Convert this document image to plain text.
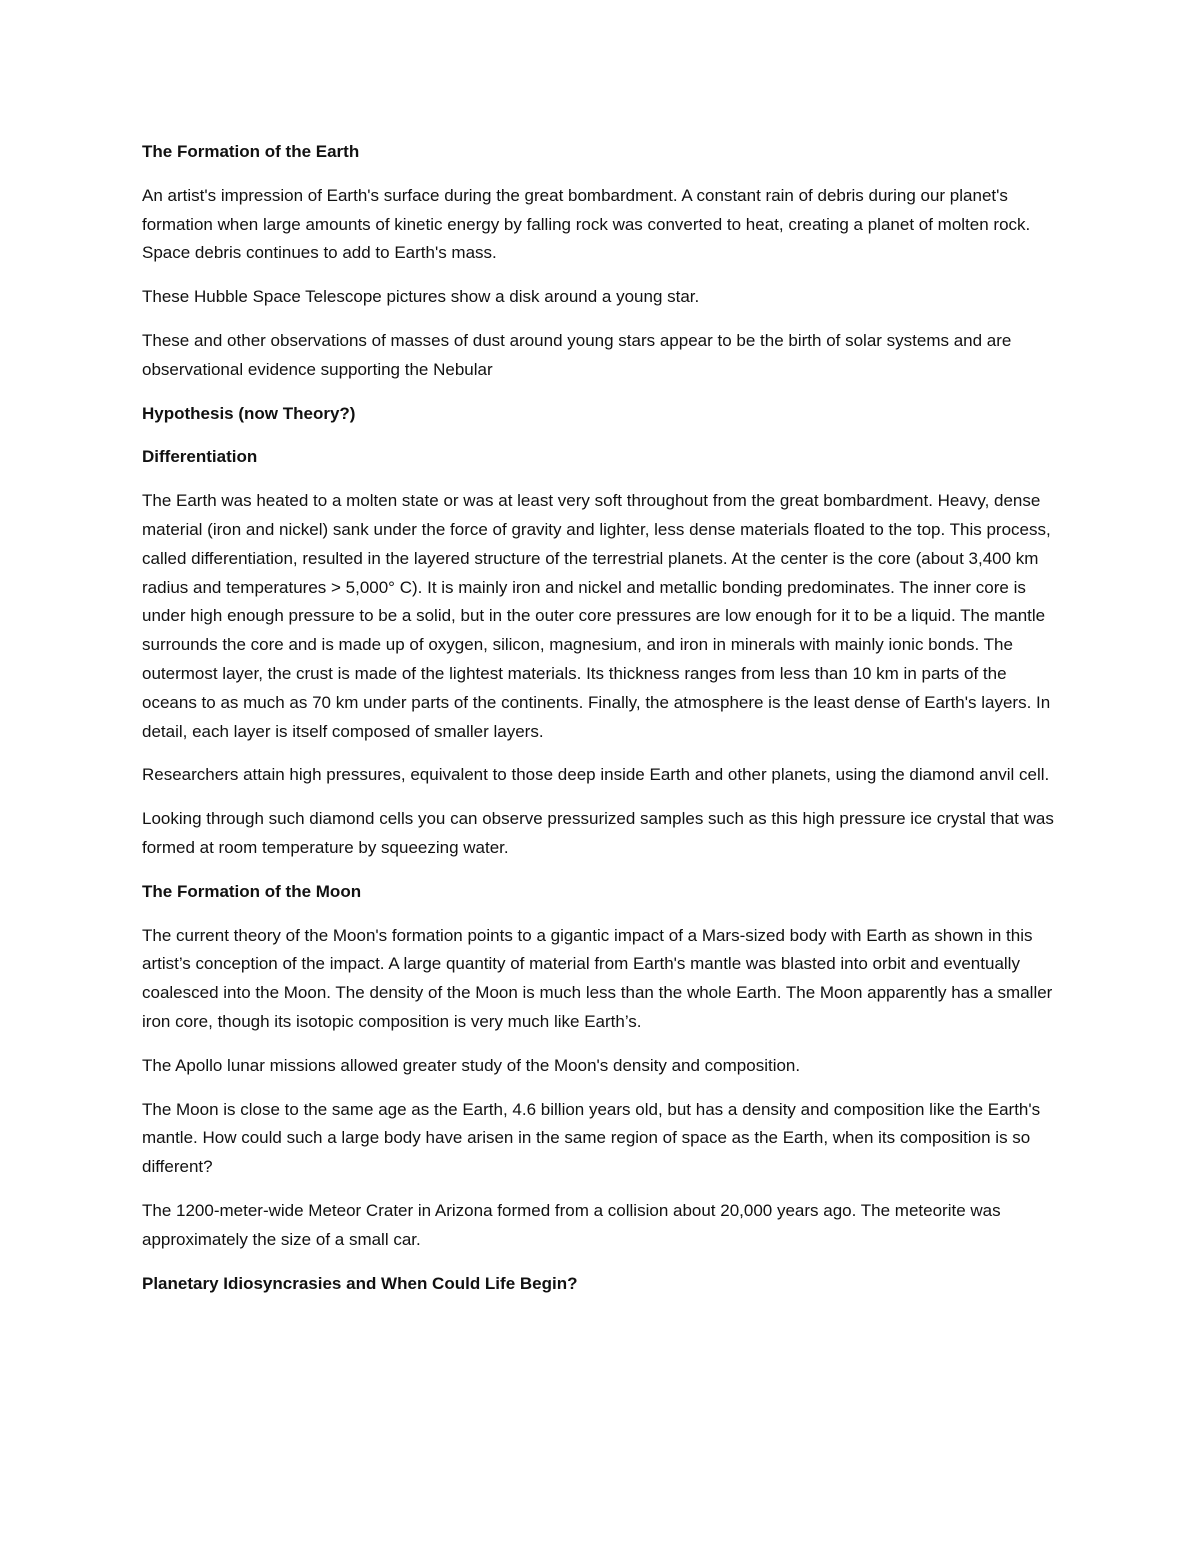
The Formation of the Earth

An artist's impression of Earth's surface during the great bombardment. A constant rain of debris during our planet's formation when large amounts of kinetic energy by falling rock was converted to heat, creating a planet of molten rock. Space debris continues to add to Earth's mass.

These Hubble Space Telescope pictures show a disk around a young star.

These and other observations of masses of dust around young stars appear to be the birth of solar systems and are observational evidence supporting the Nebular

Hypothesis (now Theory?)
Differentiation

The Earth was heated to a molten state or was at least very soft throughout from the great bombardment. Heavy, dense material (iron and nickel) sank under the force of gravity and lighter, less dense materials floated to the top. This process, called differentiation, resulted in the layered structure of the terrestrial planets. At the center is the core (about 3,400 km radius and temperatures > 5,000° C). It is mainly iron and nickel and metallic bonding predominates. The inner core is under high enough pressure to be a solid, but in the outer core pressures are low enough for it to be a liquid. The mantle surrounds the core and is made up of oxygen, silicon, magnesium, and iron in minerals with mainly ionic bonds. The outermost layer, the crust is made of the lightest materials. Its thickness ranges from less than 10 km in parts of the oceans to as much as 70 km under parts of the continents. Finally, the atmosphere is the least dense of Earth's layers. In detail, each layer is itself composed of smaller layers.

Researchers attain high pressures, equivalent to those deep inside Earth and other planets, using the diamond anvil cell.

Looking through such diamond cells you can observe pressurized samples such as this high pressure ice crystal that was formed at room temperature by squeezing water.

The Formation of the Moon

The current theory of the Moon's formation points to a gigantic impact of a Mars-sized body with Earth as shown in this artist’s conception of the impact. A large quantity of material from Earth's mantle was blasted into orbit and eventually coalesced into the Moon. The density of the Moon is much less than the whole Earth. The Moon apparently has a smaller iron core, though its isotopic composition is very much like Earth’s.

The Apollo lunar missions allowed greater study of the Moon's density and composition.

The Moon is close to the same age as the Earth, 4.6 billion years old, but has a density and composition like the Earth's mantle. How could such a large body have arisen in the same region of space as the Earth, when its composition is so different?

The 1200-meter-wide Meteor Crater in Arizona formed from a collision about 20,000 years ago. The meteorite was approximately the size of a small car.

Planetary Idiosyncrasies and When Could Life Begin?
